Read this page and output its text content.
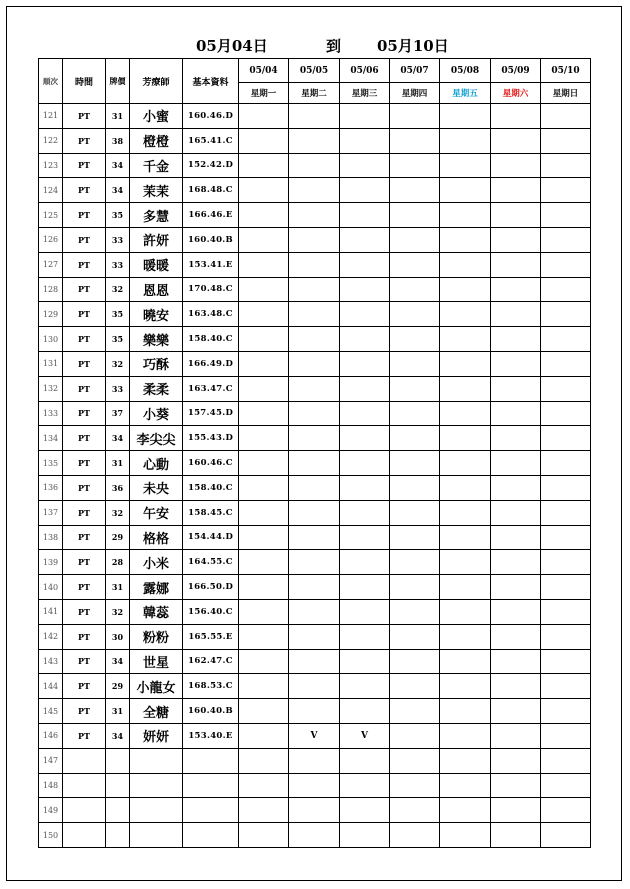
05月04日	到 05月10日
順次	時間	牌價	芳療師	基本資料	05/04	05/05	05/06	05/07	05/08	05/09	05/10
					星期一	星期二	星期三	星期四	星期五	星期六	星期日
121	PT	31	小蜜	160.46.D							
122	PT	38	橙橙	165.41.C							
123	PT	34	千金	152.42.D							
124	PT	34	茉茉	168.48.C							
125	PT	35	多慧	166.46.E							
126	PT	33	許妍	160.40.B							
127	PT	33	暖暖	153.41.E							
128	PT	32	恩恩	170.48.C							
129	PT	35	曉安	163.48.C							
130	PT	35	樂樂	158.40.C							
131	PT	32	巧酥	166.49.D							
132	PT	33	柔柔	163.47.C							
133	PT	37	小葵	157.45.D							
134	PT	34	李尖尖	155.43.D							
135	PT	31	心動	160.46.C							
136	PT	36	未央	158.40.C							
137	PT	32	午安	158.45.C							
138	PT	29	格格	154.44.D							
139	PT	28	小米	164.55.C							
140	PT	31	露娜	166.50.D							
141	PT	32	韓蕊	156.40.C							
142	PT	30	粉粉	165.55.E							
143	PT	34	世星	162.47.C							
144	PT	29	小龍女	168.53.C							
145	PT	31	全糖	160.40.B							
146	PT	34	妍妍	153.40.E		V	V				
147											
148											
149											
150											
